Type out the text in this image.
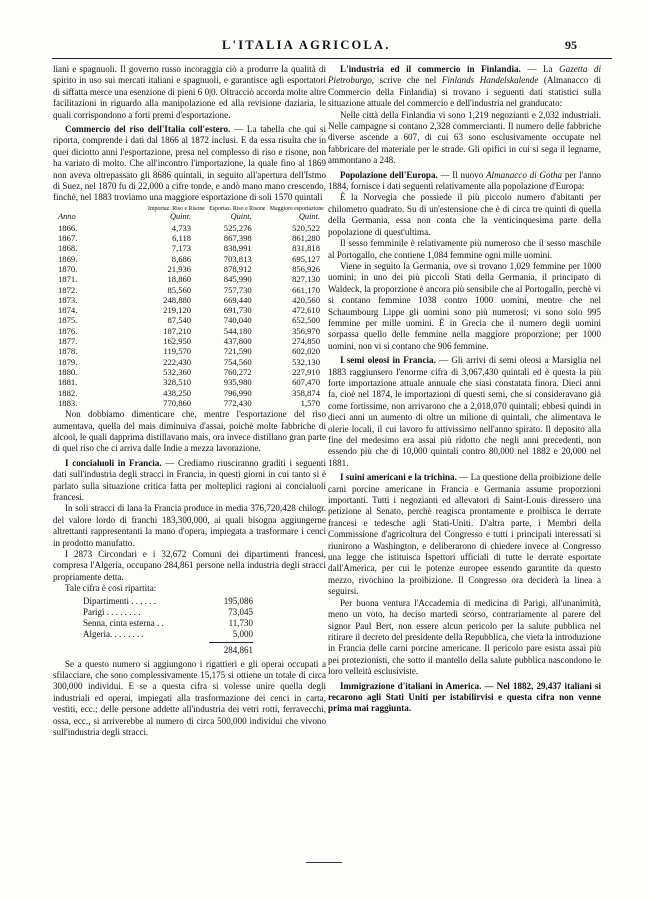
L'ITALIA AGRICOLA.	95

liani e spagnuoli. Il governo russo incoraggia ciò a produrre la qualità di spirito in uso sui mercati italiani e spagnuoli, e garantisce agli esportatori di siffatta merce una esenzione di pieni 6 0|0. Oltracciò accorda molte altre facilitazioni in riguardo alla manipolazione ed alla revisione daziaria, le quali corrispondono a forti premi d'esportazione.

Commercio del riso dell'Italia coll'estero. — La tabella che qui si riporta, comprende i dati dal 1866 al 1872 inclusi. E da essa risulta che in quei diciotto anni l'esportazione, presa nel complesso di riso e risone, non ha variato di molto. Che all'incontro l'importazione, la quale fino al 1869 non aveva oltrepassato gli 8686 quintali, in seguito all'apertura dell'Istmo di Suez, nel 1870 fu di 22,000 a cifre tonde, e andò mano mano crescendo, finchè, nel 1883 troviamo una maggiore esportazione di soli 1570 quintali

	Importaz. Riso e Risone	Esportaz. Riso e Risone	Maggiore esportazione
Anno	Quint.	Quint.	Quint.
1866.	4,733	525,276	520,522
1867.	6,118	867,398	861,280
1868.	7,173	838,991	831,818
1869.	8,686	703,813	695,127
1870.	21,936	878,912	856,926
1871.	18,860	845,990	827,130
1872.	85,560	757,730	661,170
1873.	248,880	669,440	420,560
1874.	219,120	691,730	472,610
1875.	87,540	740,040	652,500
1876.	187,210	544,180	356,970
1877.	162,950	437,800	274,850
1878.	119,570	721,590	602,020
1879.	222,430	754,560	532,130
1880.	532,360	760,272	227,910
1881.	328,510	935,980	607,470
1882.	438,250	796,990	358,874
1883.	770,860	772,430	1,570

Non dobbiamo dimenticare che, mentre l'esportazione del riso aumentava, quella del mais diminuiva d'assai, poichè molte fabbriche di alcool, le quali dapprima distillavano mais, ora invece distillano gran parte di quel riso che ci arriva dalle Indie a mezza lavorazione.

I concialuoli in Francia. — Crediamo riusciranno graditi i seguenti dati sull'industria degli stracci in Francia, in questi giorni in cui tanto si è parlato sulla situazione critica fatta per molteplici ragioni ai concialuoli francesi.

In soli stracci di lana la Francia produce in media 376,720,428 chilogr. del valore lordo di franchi 183,300,000, ai quali bisogna aggiungerne altrettanti rappresentanti la mano d'opera, impiegata a trasformare i cenci in prodotto manufatto.

I 2873 Circondari e i 32,672 Comuni dei dipartimenti francesi, compresa l'Algeria, occupano 284,861 persone nella industria degli stracci propriamente detta.

Tale cifra è così ripartita:

Dipartimenti . . . . . .	195,086
Parigi . . . . . . . .	73,045
Senna, cinta esterna . .	11,730
Algeria. . . . . . . .	5,000
284,861

Se a questo numero si aggiungono i rigattieri e gli operai occupati a sfilacciare, che sono complessivamente 15,175 si ottiene un totale di circa 300,000 individui. E se a questa cifra si volesse unire quella degli industriali ed operai, impiegati alla trasformazione dei cenci in carta, vestiti, ecc.; delle persone addette all'industria dei vetri rotti, ferravecchi, ossa, ecc., si arriverebbe al numero di circa 500,000 individui che vivono sull'industria degli stracci.

L'industria ed il commercio in Finlandia. — La Gazetta di Pietroburgo, scrive che nel Finlands Handelskalende (Almanacco di Commercio della Finlandia) si trovano i seguenti dati statistici sulla situazione attuale del commercio e dell'industria nel granducato:

Nelle città della Finlandia vi sono 1,219 negozianti e 2,032 industriali. Nelle campagne si contano 2,328 commercianti. Il numero delle fabbriche diverse ascende a 607, di cui 63 sono esclusivamente occupate nel fabbricare del materiale per le strade. Gli opifici in cui si sega il legname, ammontano a 248.

Popolazione dell'Europa. — Il nuovo Almanacco di Gotha per l'anno 1884, fornisce i dati seguenti relativamente alla popolazione d'Europa:

È la Norvegia che possiede il più piccolo numero d'abitanti per chilometro quadrato. Su di un'estensione che è di circa tre quinti di quella della Germania, essa non conta che la venticinquesima parte della popolazione di quest'ultima.

Il sesso femminile è relativamente più numeroso che il sesso maschile al Portogallo, che contiene 1,084 femmine ogni mille uomini.

Viene in seguito la Germania, ove si trovano 1,029 femmine per 1000 uomini; in uno dei più piccoli Stati della Germania, il principato di Waldeck, la proporzione è ancora più sensibile che al Portogallo, perchè vi si contano femmine 1038 contro 1000 uomini, mentre che nel Schaumbourg Lippe gli uomini sono più numerosi; vi sono solo 995 femmine per mille uomini. È in Grecia che il numero degli uomini sorpassa quello delle femmine nella maggiore proporzione; per 1000 uomini, non vi si contano che 906 femmine.

I semi oleosi in Francia. — Gli arrivi di semi oleosi a Marsiglia nel 1883 raggiunsero l'enorme cifra di 3,067,430 quintali ed è questa la più forte importazione attuale annuale che siasi constatata finora. Dieci anni fa, cioè nel 1874, le importazioni di questi semi, che si consideravano già come fortissime, non arrivarono che a 2,018,070 quintali; ebbesi quindi in dieci anni un aumento di oltre un milione di quintali, che alimentava le olerie locali, il cui lavoro fu attivissimo nell'anno spirato. Il deposito alla fine del medesimo era assai più ridotto che negli anni precedenti, non essendo più che di 10,000 quintali contro 80,000 nel 1882 e 20,000 nel 1881.

I suini americani e la trichina. — La questione della proibizione delle carni porcine americane in Francia e Germania assume proporzioni importanti. Tutti i negozianti ed allevatori di Saint-Louis diressero una petizione al Senato, perchè reagisca prontamente e proibisca le derrate francesi e tedesche agli Stati-Uniti. D'altra parte, i Membri della Commissione d'agricoltura del Congresso e tutti i principali interessati si riunirono a Washington, e deliberarono di chiedere invece al Congresso una legge che istituisca Ispettori ufficiali di tutte le derrate esportate dall'America, per cui le potenze europee essendo garantite da questo mezzo, rivochino la proibizione. Il Congresso ora deciderà la linea a seguirsi.

Per buona ventura l'Accademia di medicina di Parigi, all'unanimità, meno un voto, ha deciso martedì scorso, contrariamente al parere del signor Paul Bert, non essere alcun pericolo per la salute pubblica nel ritirare il decreto del presidente della Repubblica, che vieta la introduzione in Francia delle carni porcine americane. Il pericolo pare esista assai più pei protezionisti, che sotto il mantello della salute pubblica nascondono le loro velleità esclusiviste.

Immigrazione d'italiani in America. — Nel 1882, 29,437 italiani si recarono agli Stati Uniti per istabilirvisi e questa cifra non venne prima mai raggiunta.
